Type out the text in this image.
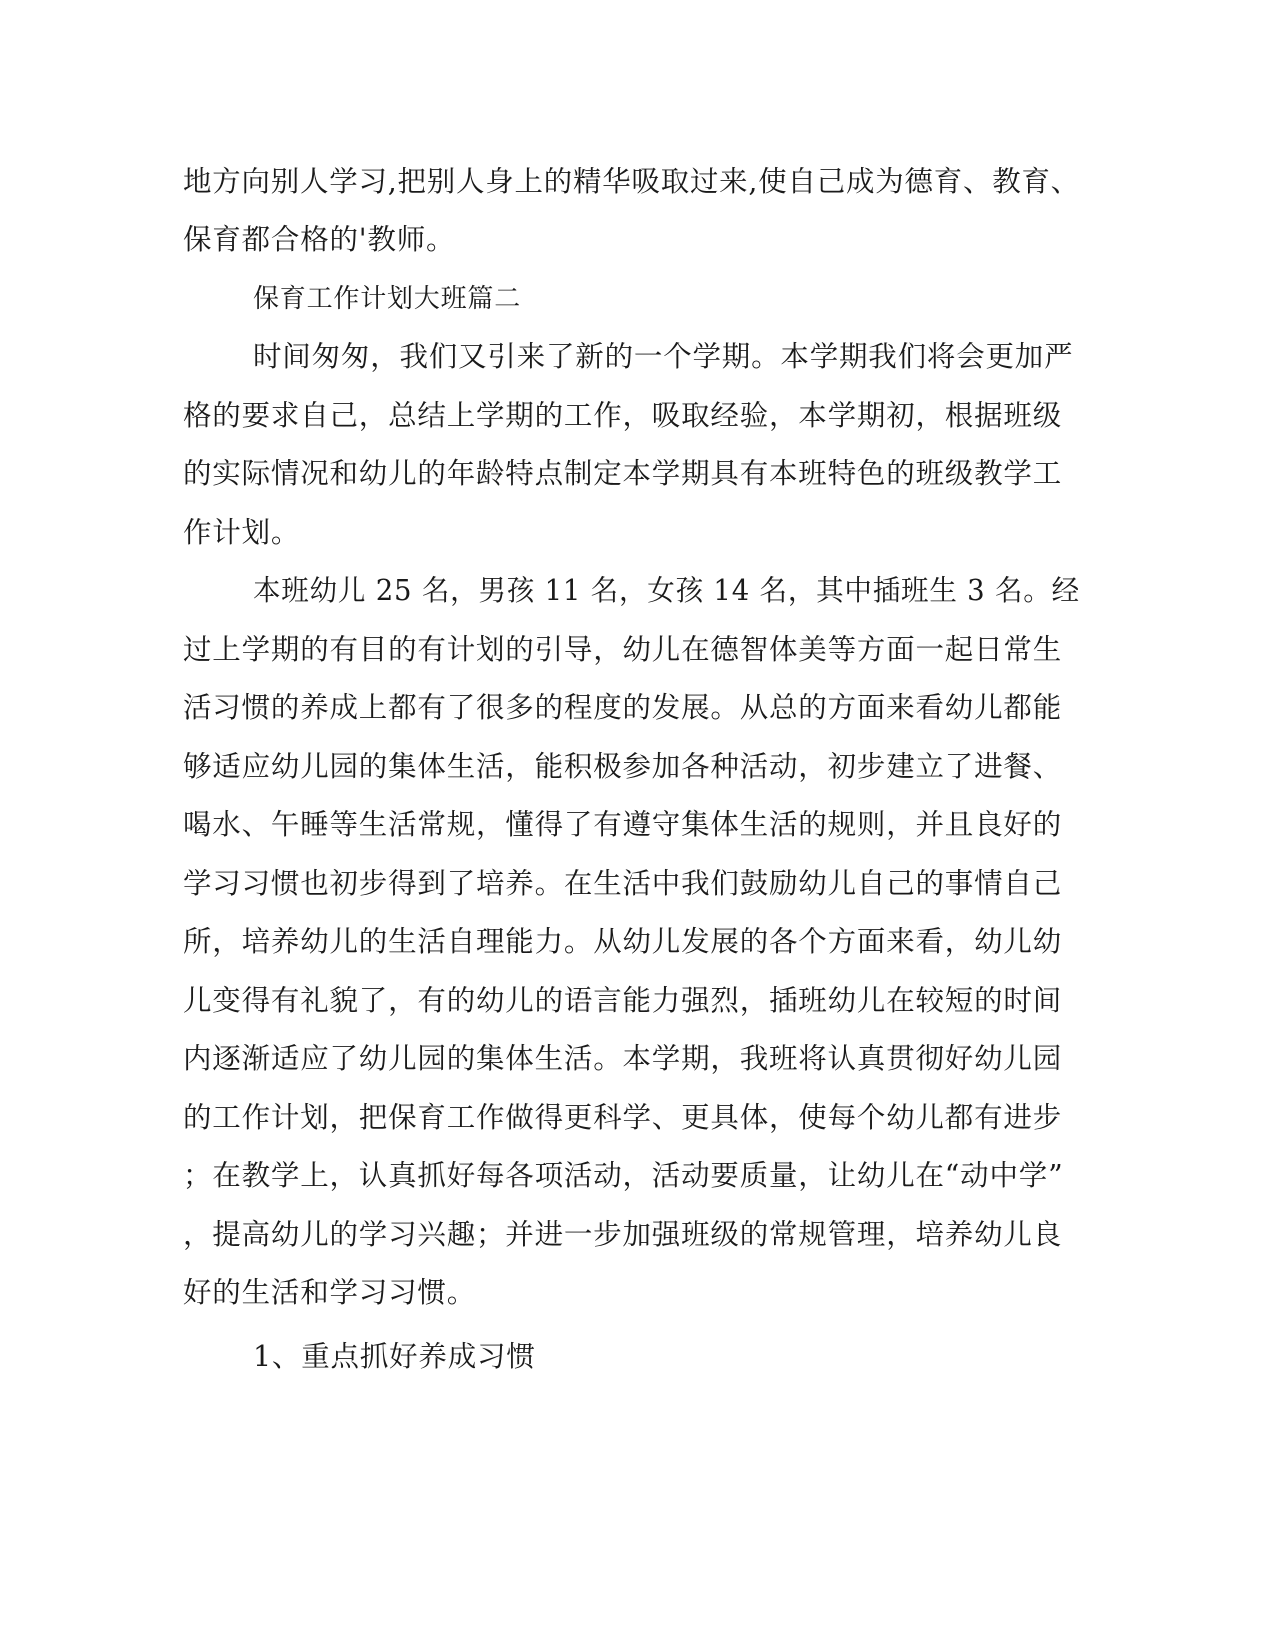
地方向别人学习,把别人身上的精华吸取过来,使自己成为德育、教育、

保育都合格的'教师。

保育工作计划大班篇二

时间匆匆，我们又引来了新的一个学期。本学期我们将会更加严

格的要求自己，总结上学期的工作，吸取经验，本学期初，根据班级

的实际情况和幼儿的年龄特点制定本学期具有本班特色的班级教学工

作计划。

本班幼儿 25 名，男孩 11 名，女孩 14 名，其中插班生 3 名。经

过上学期的有目的有计划的引导，幼儿在德智体美等方面一起日常生

活习惯的养成上都有了很多的程度的发展。从总的方面来看幼儿都能

够适应幼儿园的集体生活，能积极参加各种活动，初步建立了进餐、

喝水、午睡等生活常规，懂得了有遵守集体生活的规则，并且良好的

学习习惯也初步得到了培养。在生活中我们鼓励幼儿自己的事情自己

所，培养幼儿的生活自理能力。从幼儿发展的各个方面来看，幼儿幼

儿变得有礼貌了，有的幼儿的语言能力强烈，插班幼儿在较短的时间

内逐渐适应了幼儿园的集体生活。本学期，我班将认真贯彻好幼儿园

的工作计划，把保育工作做得更科学、更具体，使每个幼儿都有进步

；在教学上，认真抓好每各项活动，活动要质量，让幼儿在“动中学”

，提高幼儿的学习兴趣；并进一步加强班级的常规管理，培养幼儿良

好的生活和学习习惯。

1、重点抓好养成习惯
